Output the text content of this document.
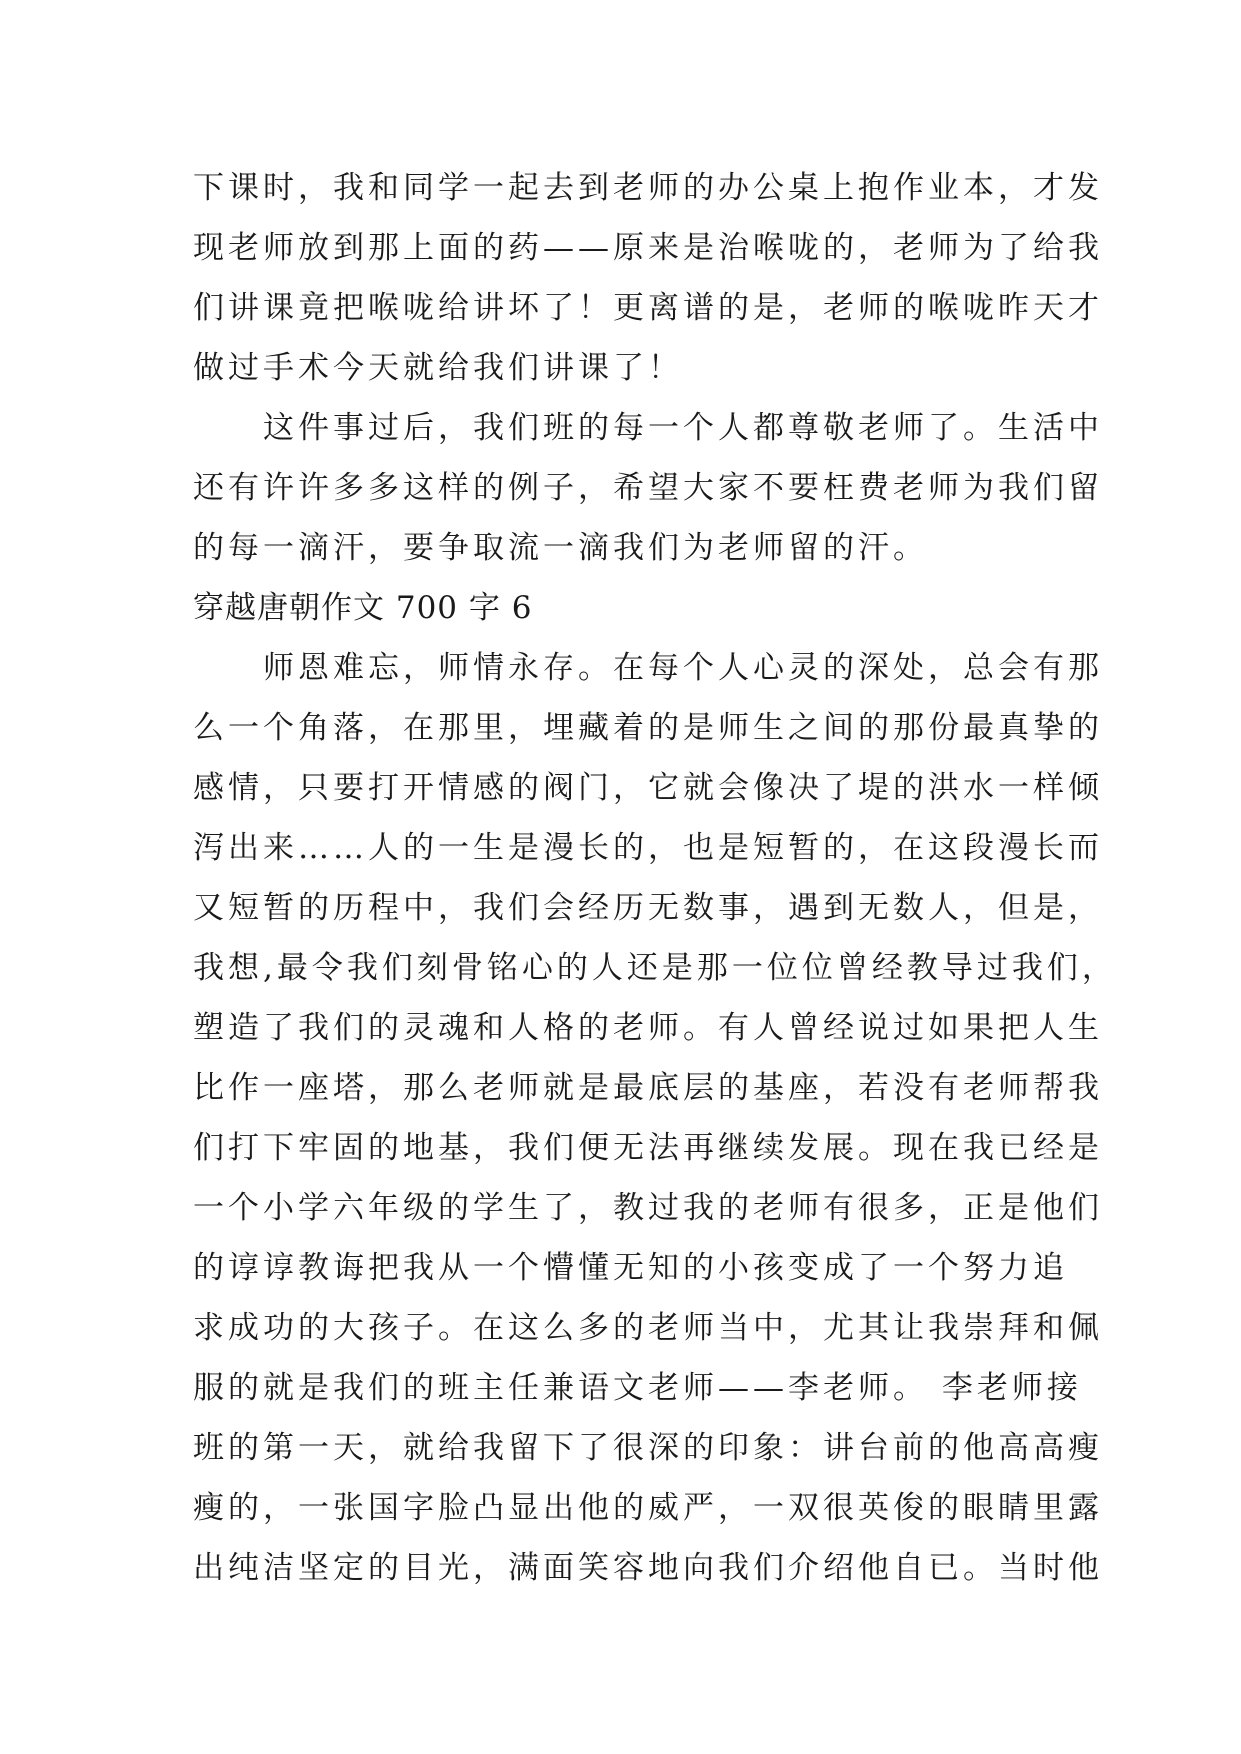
下课时，我和同学一起去到老师的办公桌上抱作业本，才发
现老师放到那上面的药——原来是治喉咙的，老师为了给我
们讲课竟把喉咙给讲坏了！更离谱的是，老师的喉咙昨天才
做过手术今天就给我们讲课了！
　　这件事过后，我们班的每一个人都尊敬老师了。生活中
还有许许多多这样的例子，希望大家不要枉费老师为我们留
的每一滴汗，要争取流一滴我们为老师留的汗。
穿越唐朝作文 700 字 6
　　师恩难忘，师情永存。在每个人心灵的深处，总会有那
么一个角落，在那里，埋藏着的是师生之间的那份最真挚的
感情，只要打开情感的阀门，它就会像决了堤的洪水一样倾
泻出来……人的一生是漫长的，也是短暂的，在这段漫长而
又短暂的历程中，我们会经历无数事，遇到无数人，但是，
我想,最令我们刻骨铭心的人还是那一位位曾经教导过我们，
塑造了我们的灵魂和人格的老师。有人曾经说过如果把人生
比作一座塔，那么老师就是最底层的基座，若没有老师帮我
们打下牢固的地基，我们便无法再继续发展。现在我已经是
一个小学六年级的学生了，教过我的老师有很多，正是他们
的谆谆教诲把我从一个懵懂无知的小孩变成了一个努力追
求成功的大孩子。在这么多的老师当中，尤其让我崇拜和佩
服的就是我们的班主任兼语文老师——李老师。 李老师接
班的第一天，就给我留下了很深的印象：讲台前的他高高瘦
瘦的，一张国字脸凸显出他的威严，一双很英俊的眼睛里露
出纯洁坚定的目光，满面笑容地向我们介绍他自已。当时他
